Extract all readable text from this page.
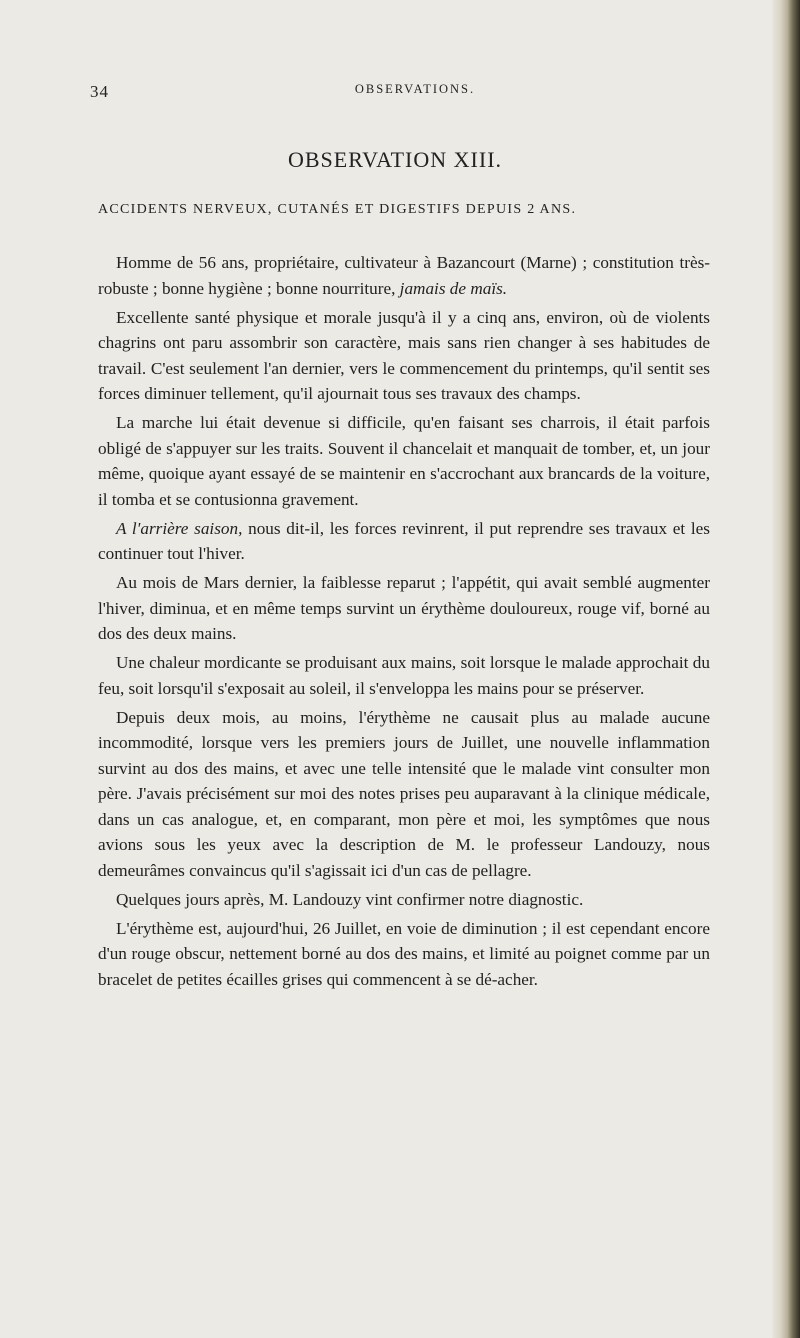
34	OBSERVATIONS.
OBSERVATION XIII.
ACCIDENTS NERVEUX, CUTANÉS ET DIGESTIFS DEPUIS 2 ANS.

Homme de 56 ans, propriétaire, cultivateur à Bazancourt (Marne) ; constitution très-robuste ; bonne hygiène ; bonne nourriture, jamais de maïs.

Excellente santé physique et morale jusqu'à il y a cinq ans, environ, où de violents chagrins ont paru assombrir son caractère, mais sans rien changer à ses habitudes de travail. C'est seulement l'an dernier, vers le commencement du printemps, qu'il sentit ses forces diminuer tellement, qu'il ajournait tous ses travaux des champs.

La marche lui était devenue si difficile, qu'en faisant ses charrois, il était parfois obligé de s'appuyer sur les traits. Souvent il chancelait et manquait de tomber, et, un jour même, quoique ayant essayé de se maintenir en s'accrochant aux brancards de la voiture, il tomba et se contusionna gravement.

A l'arrière saison, nous dit-il, les forces revinrent, il put reprendre ses travaux et les continuer tout l'hiver.

Au mois de Mars dernier, la faiblesse reparut ; l'appétit, qui avait semblé augmenter l'hiver, diminua, et en même temps survint un érythème douloureux, rouge vif, borné au dos des deux mains.

Une chaleur mordicante se produisant aux mains, soit lorsque le malade approchait du feu, soit lorsqu'il s'exposait au soleil, il s'enveloppa les mains pour se préserver.

Depuis deux mois, au moins, l'érythème ne causait plus au malade aucune incommodité, lorsque vers les premiers jours de Juillet, une nouvelle inflammation survint au dos des mains, et avec une telle intensité que le malade vint consulter mon père. J'avais précisément sur moi des notes prises peu auparavant à la clinique médicale, dans un cas analogue, et, en comparant, mon père et moi, les symptômes que nous avions sous les yeux avec la description de M. le professeur Landouzy, nous demeurâmes convaincus qu'il s'agissait ici d'un cas de pellagre.

Quelques jours après, M. Landouzy vint confirmer notre diagnostic.

L'érythème est, aujourd'hui, 26 Juillet, en voie de diminution ; il est cependant encore d'un rouge obscur, nettement borné au dos des mains, et limité au poignet comme par un bracelet de petites écailles grises qui commencent à se dé-acher.
